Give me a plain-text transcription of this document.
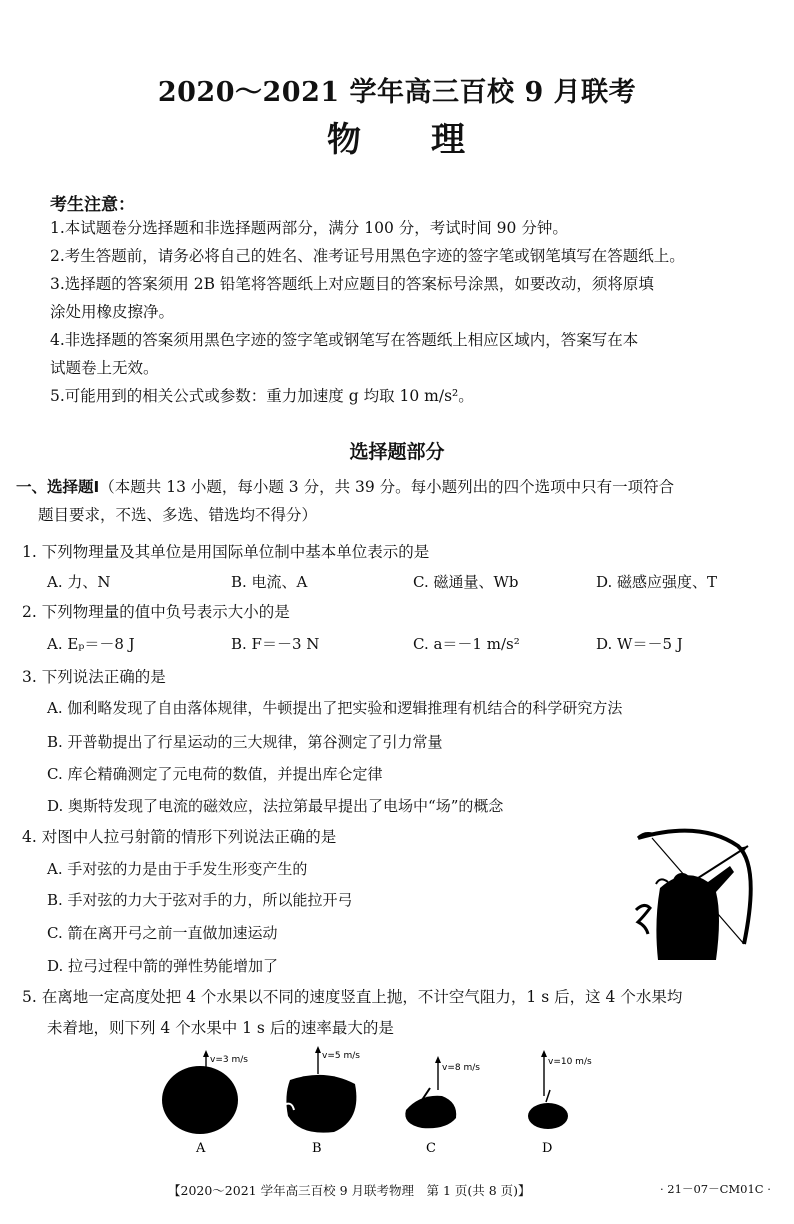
2020～2021 学年高三百校 9 月联考
物 理
考生注意：
1.本试题卷分选择题和非选择题两部分，满分 100 分，考试时间 90 分钟。
2.考生答题前，请务必将自己的姓名、准考证号用黑色字迹的签字笔或钢笔填写在答题纸上。
3.选择题的答案须用 2B 铅笔将答题纸上对应题目的答案标号涂黑，如要改动，须将原填
涂处用橡皮擦净。
4.非选择题的答案须用黑色字迹的签字笔或钢笔写在答题纸上相应区域内，答案写在本
试题卷上无效。
5.可能用到的相关公式或参数：重力加速度 g 均取 10 m/s²。
选择题部分
一、选择题Ⅰ（本题共 13 小题，每小题 3 分，共 39 分。每小题列出的四个选项中只有一项符合
题目要求，不选、多选、错选均不得分）
1. 下列物理量及其单位是用国际单位制中基本单位表示的是
A. 力、N	B. 电流、A	C. 磁通量、Wb	D. 磁感应强度、T
2. 下列物理量的值中负号表示大小的是
A. Eₚ＝－8 J	B. F＝－3 N	C. a＝－1 m/s²	D. W＝－5 J
3. 下列说法正确的是
A. 伽利略发现了自由落体规律，牛顿提出了把实验和逻辑推理有机结合的科学研究方法
B. 开普勒提出了行星运动的三大规律，第谷测定了引力常量
C. 库仑精确测定了元电荷的数值，并提出库仑定律
D. 奥斯特发现了电流的磁效应，法拉第最早提出了电场中“场”的概念
4. 对图中人拉弓射箭的情形下列说法正确的是
A. 手对弦的力是由于手发生形变产生的
B. 手对弦的力大于弦对手的力，所以能拉开弓
C. 箭在离开弓之前一直做加速运动
D. 拉弓过程中箭的弹性势能增加了
5. 在离地一定高度处把 4 个水果以不同的速度竖直上抛，不计空气阻力，1 s 后，这 4 个水果均
未着地，则下列 4 个水果中 1 s 后的速率最大的是
v=3 m/s
A
v=5 m/s
B
v=8 m/s
C
v=10 m/s
D
【2020～2021 学年高三百校 9 月联考物理　第 1 页(共 8 页)】	· 21－07－CM01C ·
